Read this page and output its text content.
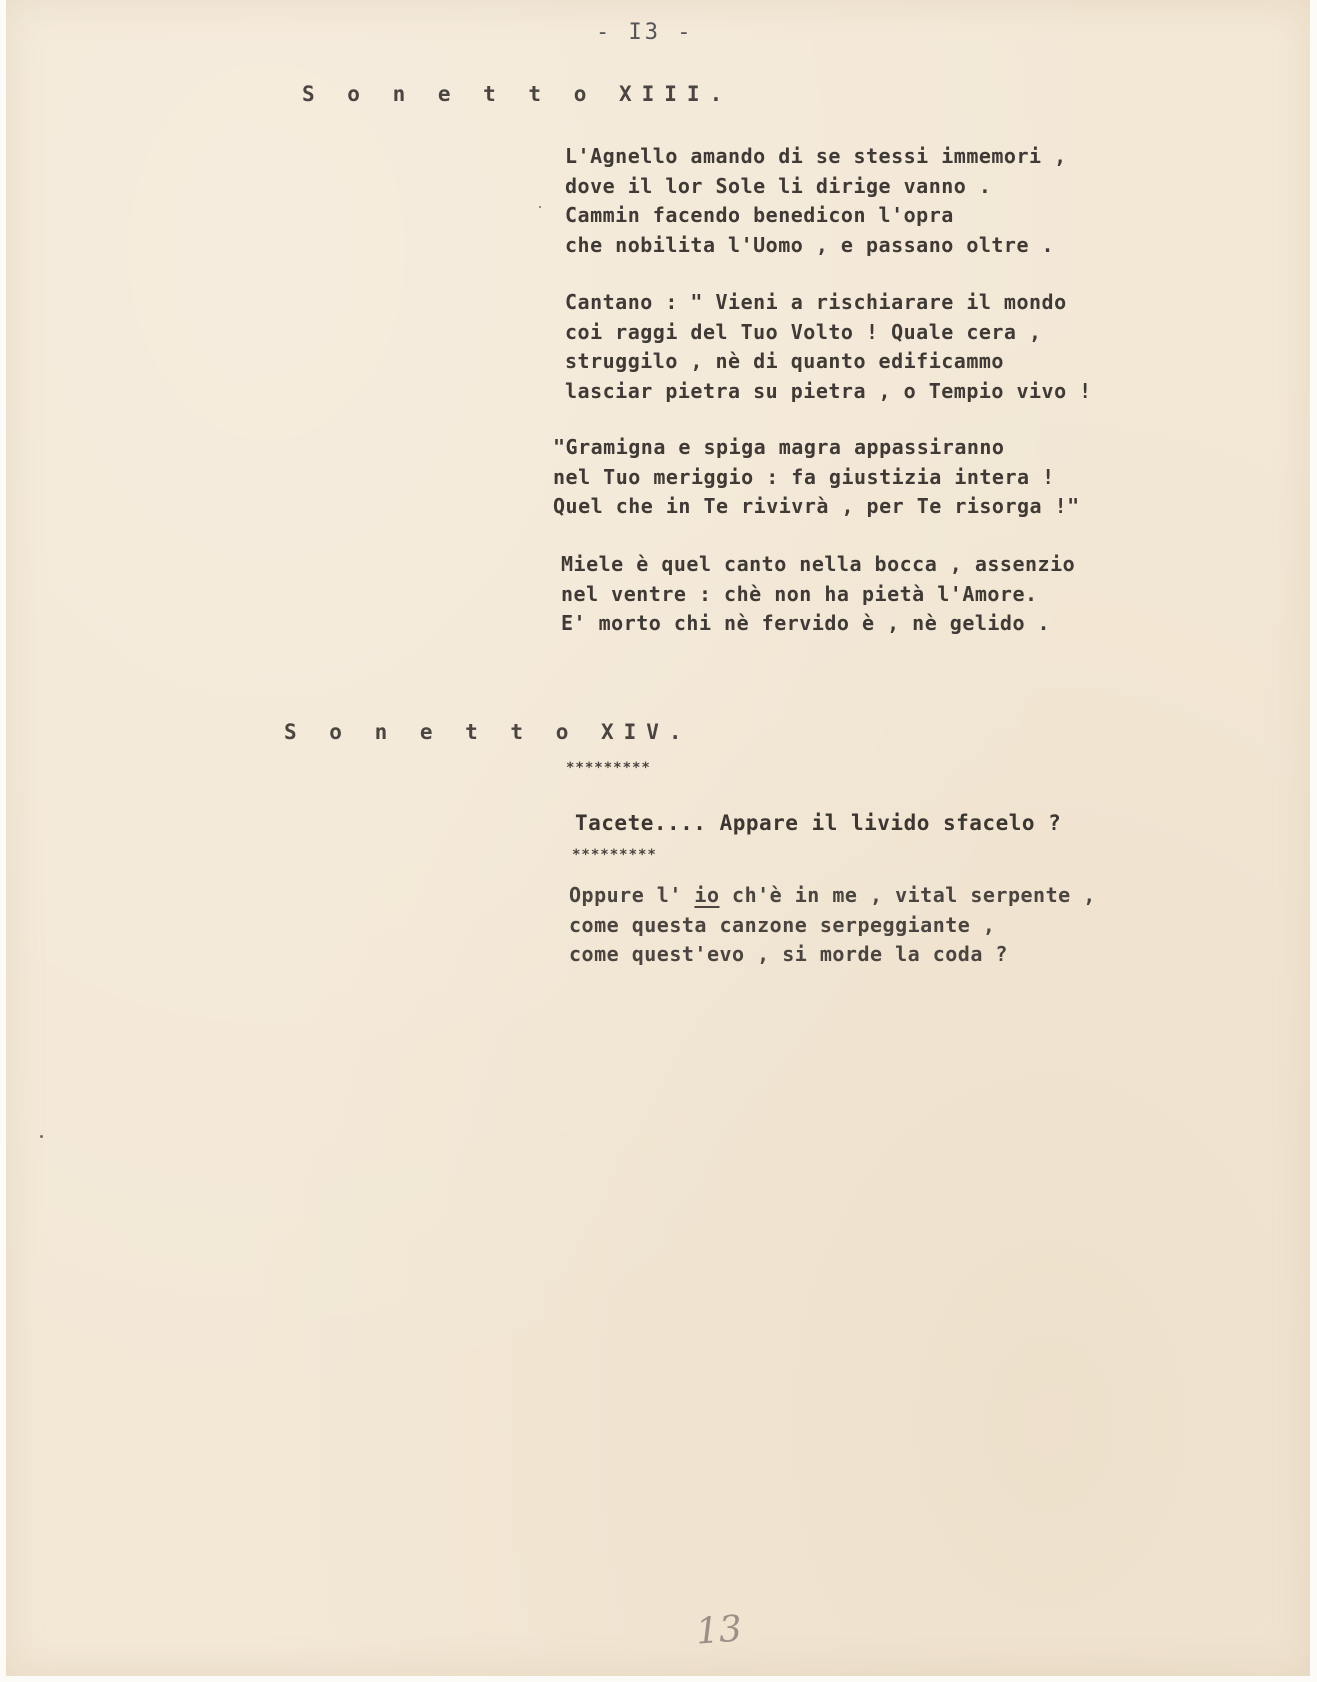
- I3 -

S o n e t t o XIII.

L'Agnello amando di se stessi immemori ,
dove il lor Sole li dirige vanno .
Cammin facendo benedicon l'opra
che nobilita l'Uomo , e passano oltre .

Cantano : " Vieni a rischiarare il mondo
coi raggi del Tuo Volto ! Quale cera ,
struggilo , nè di quanto edificammo
lasciar pietra su pietra , o Tempio vivo !

"Gramigna e spiga magra appassiranno
nel Tuo meriggio : fa giustizia intera !
Quel che in Te rivivrà , per Te risorga !"

Miele è quel canto nella bocca , assenzio
nel ventre : chè non ha pietà l'Amore.
E' morto chi nè fervido è , nè gelido .

S o n e t t o XIV.

*********

Tacete.... Appare il livido sfacelo ?

*********

Oppure l' io ch'è in me , vital serpente ,
come questa canzone serpeggiante ,
come quest'evo , si morde la coda ?

13
